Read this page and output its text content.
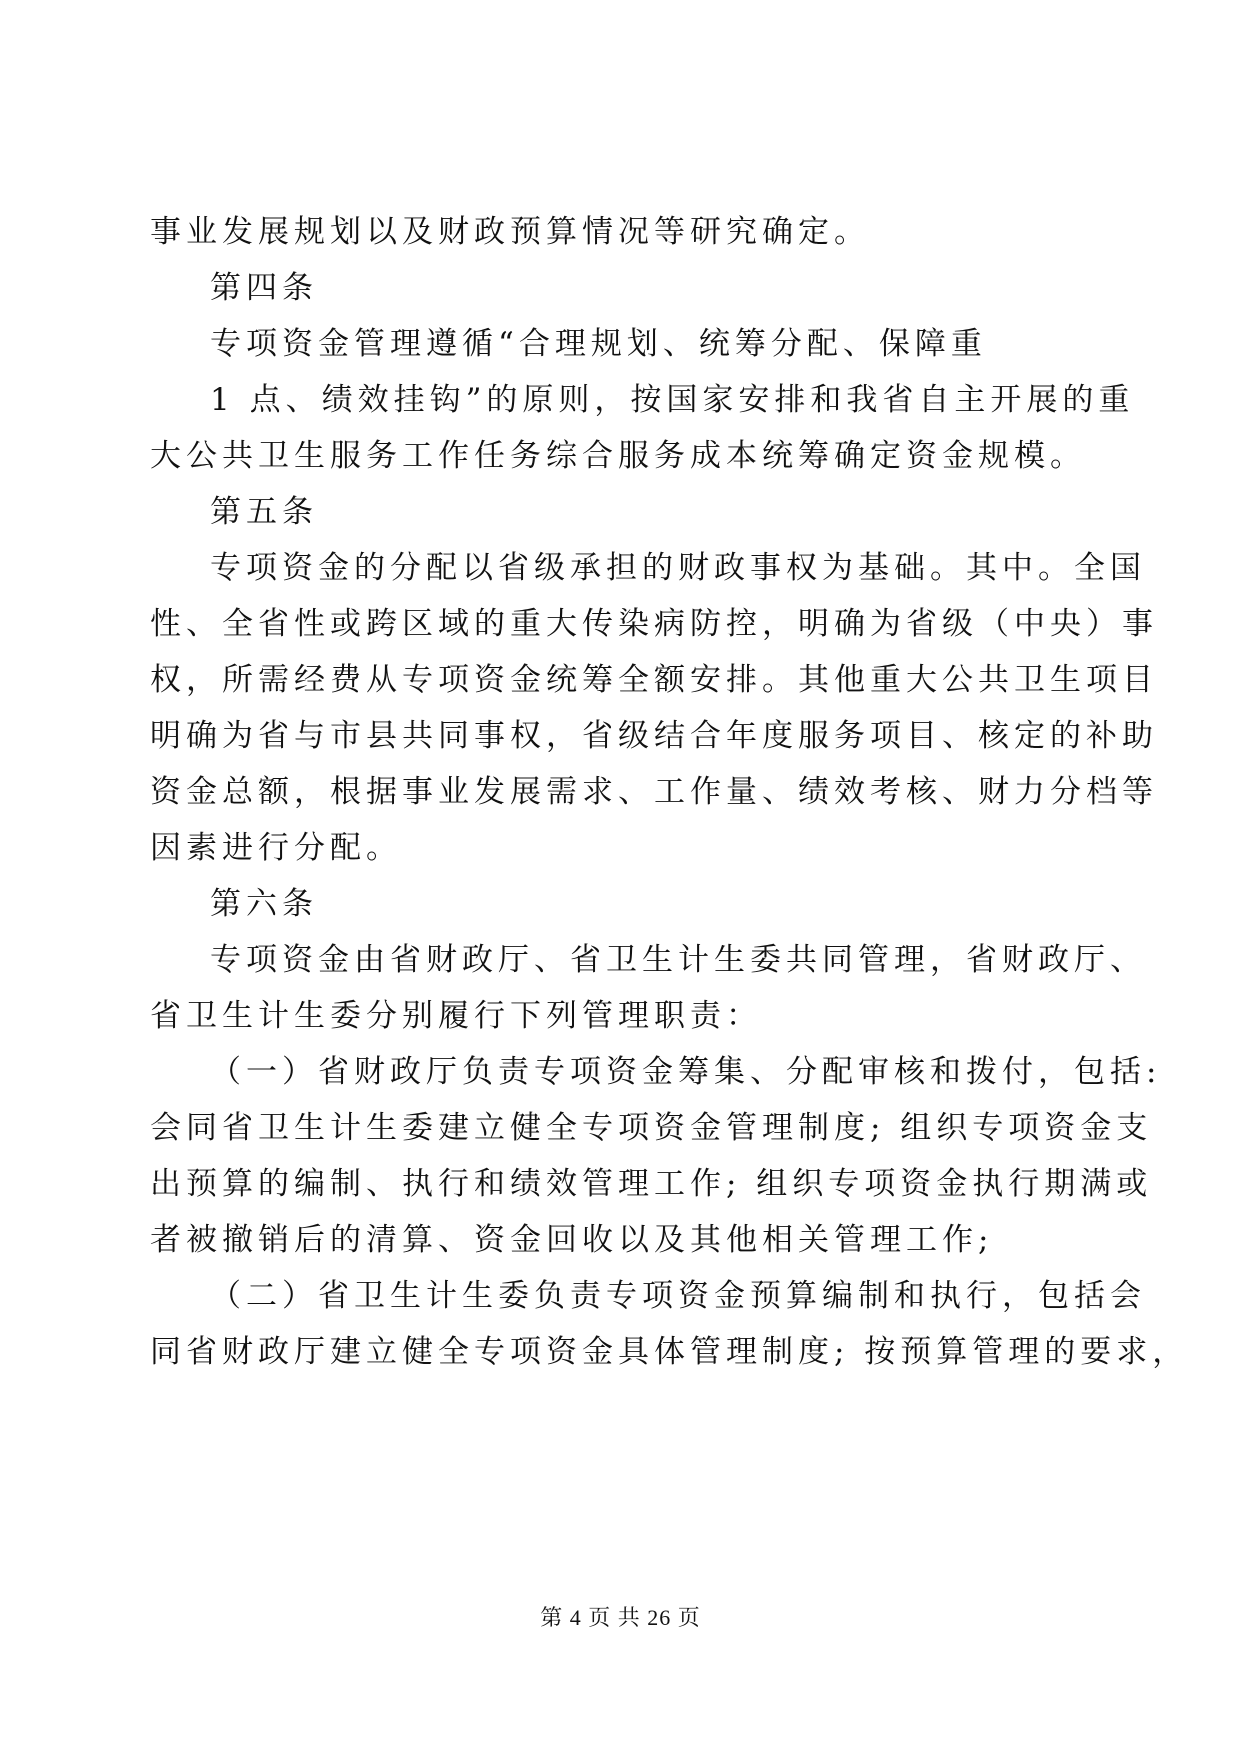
事业发展规划以及财政预算情况等研究确定。
第四条
专项资金管理遵循“合理规划、统筹分配、保障重
1 点、绩效挂钩”的原则，按国家安排和我省自主开展的重
大公共卫生服务工作任务综合服务成本统筹确定资金规模。
第五条
专项资金的分配以省级承担的财政事权为基础。其中。全国
性、全省性或跨区域的重大传染病防控，明确为省级（中央）事
权，所需经费从专项资金统筹全额安排。其他重大公共卫生项目
明确为省与市县共同事权，省级结合年度服务项目、核定的补助
资金总额，根据事业发展需求、工作量、绩效考核、财力分档等
因素进行分配。
第六条
专项资金由省财政厅、省卫生计生委共同管理，省财政厅、
省卫生计生委分别履行下列管理职责：
（一）省财政厅负责专项资金筹集、分配审核和拨付，包括:
会同省卫生计生委建立健全专项资金管理制度; 组织专项资金支
出预算的编制、执行和绩效管理工作; 组织专项资金执行期满或
者被撤销后的清算、资金回收以及其他相关管理工作;
（二）省卫生计生委负责专项资金预算编制和执行，包括会
同省财政厅建立健全专项资金具体管理制度; 按预算管理的要求，
第 4 页 共 26 页
